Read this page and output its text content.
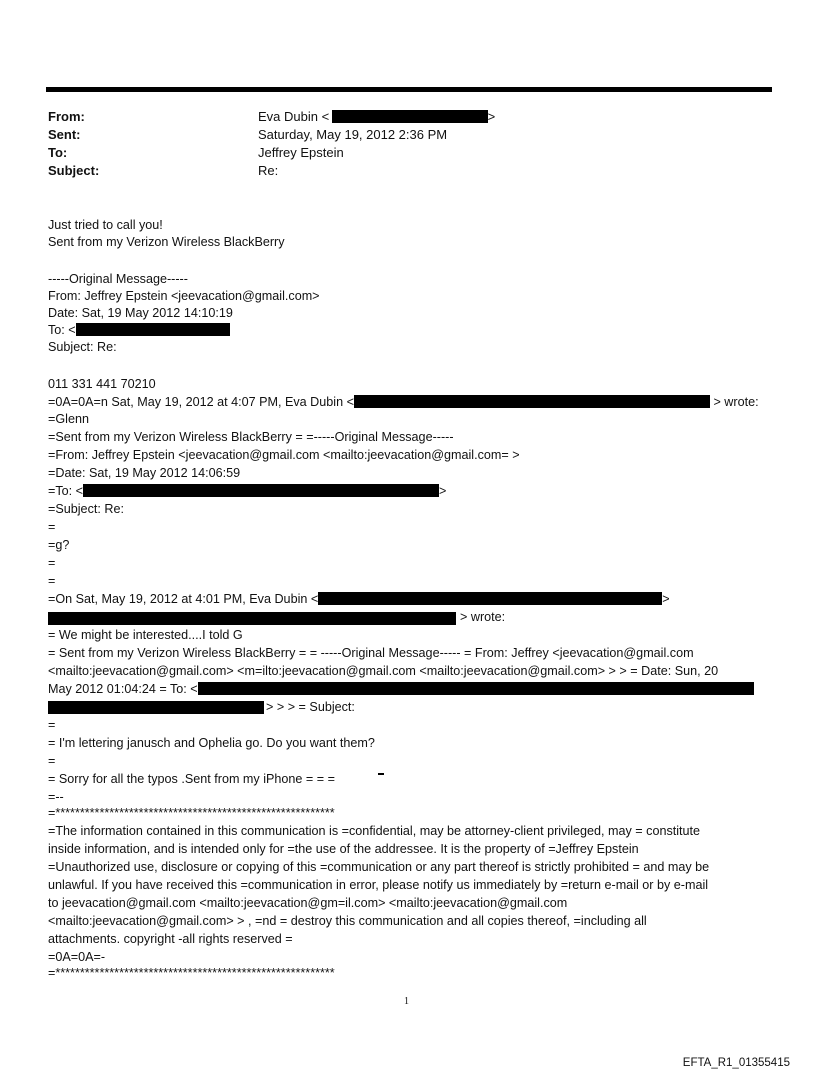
From:	Eva Dubin <	>
Sent:	Saturday, May 19, 2012 2:36 PM
To:	Jeffrey Epstein
Subject:	Re:
Just tried to call you!
Sent from my Verizon Wireless BlackBerry
-----Original Message-----
From: Jeffrey Epstein <jeevacation@gmail.com>
Date: Sat, 19 May 2012 14:10:19
To: <
Subject: Re:
011 331 441 70210
=0A=0A=n Sat, May 19, 2012 at 4:07 PM, Eva Dubin <	> wrote:
=Glenn
=Sent from my Verizon Wireless BlackBerry = =-----Original Message-----
=From: Jeffrey Epstein <jeevacation@gmail.com <mailto:jeevacation@gmail.com= >
=Date: Sat, 19 May 2012 14:06:59
=To: <	>
=Subject: Re:
=
=g?
=
=
=On Sat, May 19, 2012 at 4:01 PM, Eva Dubin <	>
> wrote:
= We might be interested....I told G
= Sent from my Verizon Wireless BlackBerry = = -----Original Message----- = From: Jeffrey <jeevacation@gmail.com
<mailto:jeevacation@gmail.com> <m=ilto:jeevacation@gmail.com <mailto:jeevacation@gmail.com> > > = Date: Sun, 20
May 2012 01:04:24 = To: <
> > > = Subject:
=
= I'm lettering janusch and Ophelia go. Do you want them?
=
= Sorry for all the typos .Sent from my iPhone = = =
=--
=*********************************************************
=The information contained in this communication is =confidential, may be attorney-client privileged, may = constitute
inside information, and is intended only for =the use of the addressee. It is the property of =Jeffrey Epstein
=Unauthorized use, disclosure or copying of this =communication or any part thereof is strictly prohibited = and may be
unlawful. If you have received this =communication in error, please notify us immediately by =return e-mail or by e-mail
to jeevacation@gmail.com <mailto:jeevacation@gm=il.com> <mailto:jeevacation@gmail.com
<mailto:jeevacation@gmail.com> > , =nd = destroy this communication and all copies thereof, =including all
attachments. copyright -all rights reserved =
=0A=0A=-
=*********************************************************
1
EFTA_R1_01355415
